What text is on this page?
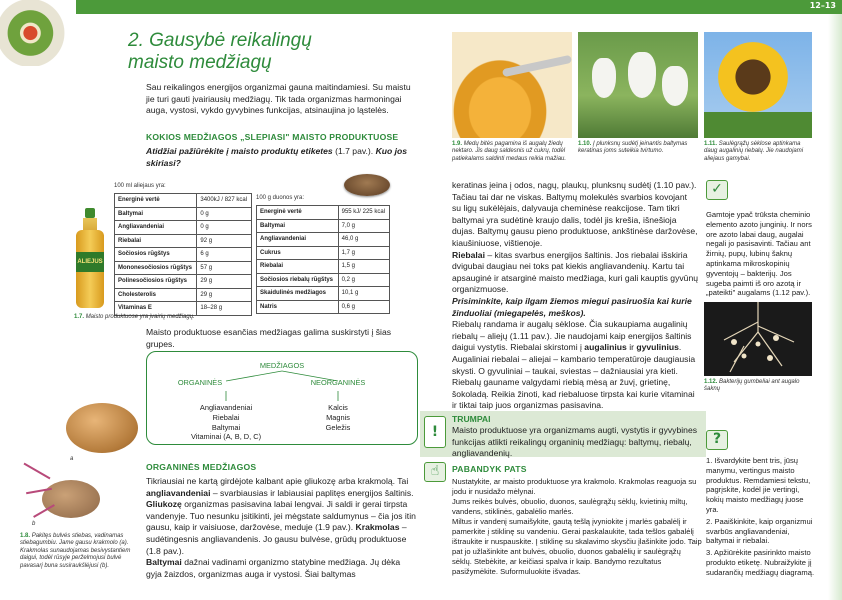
12–13
2. Gausybė reikalingų
maisto medžiagų

Sau reikalingos energijos organizmai gauna maitindamiesi. Su maistu jie turi gauti įvairiausių medžiagų. Tik tada organizmas harmoningai auga, vystosi, vykdo gyvybines funkcijas, atsinaujina jo ląstelės.

KOKIOS MEDŽIAGOS „SLEPIASI" MAISTO PRODUKTUOSE

Atidžiai pažiūrėkite į maisto produktų etiketes (1.7 pav.). Kuo jos skiriasi?

100 ml aliejaus yra:
Energinė vertė	3400kJ / 827 kcal
Baltymai	0 g
Angliavandeniai	0 g
Riebalai	92 g
Sočiosios rūgštys	6 g
Mononesočiosios rūgštys	57 g
Polinesočiosios rūgštys	29 g
Cholesterolis	29 g
Vitaminas E	18–28 g
100 g duonos yra:
Energinė vertė	955 kJ/ 225 kcal
Baltymai	7,0 g
Angliavandeniai	46,0 g
Cukrus	1,7 g
Riebalai	1,5 g
Sočiosios riebalų rūgštys	0,2 g
Skaidulinės medžiagos	10,1 g
Natris	0,6 g
ALIEJUS
1.7. Maisto produktuose yra įvairių medžiagų.

Maisto produktuose esančias medžiagas galima suskirstyti į šias grupes.

MEDŽIAGOS
ORGANINĖS	NEORGANINĖS
Angliavandeniai
Riebalai
Baltymai
Vitaminai (A, B, D, C)
Kalcis
Magnis
Geležis
a
b
1.8. Pakitęs bulvės stiebas, vadinamas stiebagumbiu. Jame gausu krakmolo (a). Krakmolas sunaudojamas besivystantiem daigui, todėl rūsyje perželmojusi bulvė pavasarį buna susiraukšlėjusi (b).
ORGANINĖS MEDŽIAGOS

Tikriausiai ne kartą girdėjote kalbant apie gliukozę arba krakmolą. Tai angliavandeniai – svarbiausias ir labiausiai paplitęs energijos šaltinis. Gliukozę organizmas pasisavina labai lengvai. Ji saldi ir gerai tirpsta vandenyje. Tuo nesunku įsitikinti, jei mėgstate saldumynus – čia jos itin gausu, kaip ir vaisiuose, daržovėse, meduje (1.9 pav.). Krakmolas – sudėtingesnis angliavandenis. Jo gausu bulvėse, grūdų produktuose (1.8 pav.).
Baltymai dažnai vadinami organizmo statybine medžiaga. Jų dėka gyja žaizdos, organizmas auga ir vystosi. Šiai baltymas

1.9. Medų bitės pagamina iš augalų žiedų nektaro. Jis daug saldesnis už cukrų, todėl patiekalams saldinti medaus reikia mažiau.
1.10. Į plunksnų sudėtį įeinantis baltymas keratinas joms suteikia tvirtumo.
1.11. Saulėgrąžų sėklose aptinkama daug augalinių riebalų. Jie naudojami aliejaus gamybai.

keratinas įeina į odos, nagų, plaukų, plunksnų sudėtį (1.10 pav.). Tačiau tai dar ne viskas. Baltymų molekulės svarbios kovojant su ligų sukėlėjais, dalyvauja cheminėse reakcijose. Tam tikri baltymai yra sudėtinė kraujo dalis, todėl jis krešia, išnešioja dujas. Baltymų gausu pieno produktuose, ankštinėse daržovėse, kiaušiniuose, vištienoje.
Riebalai – kitas svarbus energijos šaltinis. Jos riebalai išskiria dvigubai daugiau nei toks pat kiekis angliavandenių. Kartu tai apsauginė ir atsarginė maisto medžiaga, kuri gali kauptis gyvūnų organizmuose.
Prisiminkite, kaip ilgam žiemos miegui pasiruošia kai kurie žinduoliai (miegapelės, meškos).
Riebalų randama ir augalų sėklose. Čia sukaupiama augalinių riebalų – aliejų (1.11 pav.). Jie naudojami kaip energijos šaltinis daigui vystytis. Riebalai skirstomi į augalinius ir gyvulinius. Augaliniai riebalai – aliejai – kambario temperatūroje daugiausia skysti. O gyvuliniai – taukai, sviestas – dažniausiai yra kieti. Riebalų gauname valgydami riebią mėsą ar žuvį, grietinę, šokoladą. Reikia žinoti, kad riebaluose tirpsta kai kurie vitaminai ir tiktai taip juos organizmas pasisavina.

!
TRUMPAI
Maisto produktuose yra organizmams augti, vystytis ir gyvybines funkcijas atlikti reikalingų organinių medžiagų: baltymų, riebalų, angliavandenių.
☝	PABANDYK PATS
Nustatykite, ar maisto produktuose yra krakmolo. Krakmolas reaguoja su jodu ir nusidažo mėlynai.
Jums reikės bulvės, obuolio, duonos, saulėgrąžų sėklų, kvietinių miltų, vandens, stiklinės, gabalėlio marlės.
Miltus ir vandenį sumaišykite, gautą tešlą įvyniokite į marlės gabalėlį ir pamerkite į stiklinę su vandeniu. Gerai paskalaukite, tada tešlos gabalėlį ištraukite ir nuspauskite. Į stiklinę su skalavimo skysčiu įlašinkite jodo. Taip pat jo užlašinkite ant bulvės, obuolio, duonos gabalėlių ir saulėgrąžų sėklų. Stebėkite, ar keičiasi spalva ir kaip. Bandymo rezultatus pasižymėkite. Suformuluokite išvadas.
✓
Gamtoje ypač trūksta cheminio elemento azoto junginių. Ir nors ore azoto labai daug, augalai negali jo pasisavinti. Tačiau ant žirnių, pupų, lubinų šaknų aptinkama mikroskopinių gyventojų – bakterijų. Jos sugeba paimti iš oro azotą ir „pateikti" augalams (1.12 pav.).
1.12. Bakterijų gumbeliai ant augalo šaknų
?
1. Išvardykite bent tris, jūsų manymu, vertingus maisto produktus. Remdamiesi tekstu, pagrįskite, kodėl jie vertingi, kokių maisto medžiagų juose yra.
2. Paaiškinkite, kaip organizmui svarbūs angliavandeniai, baltymai ir riebalai.
3. Apžiūrėkite pasirinkto maisto produkto etiketę. Nubraižykite jį sudarančių medžiagų diagramą.
